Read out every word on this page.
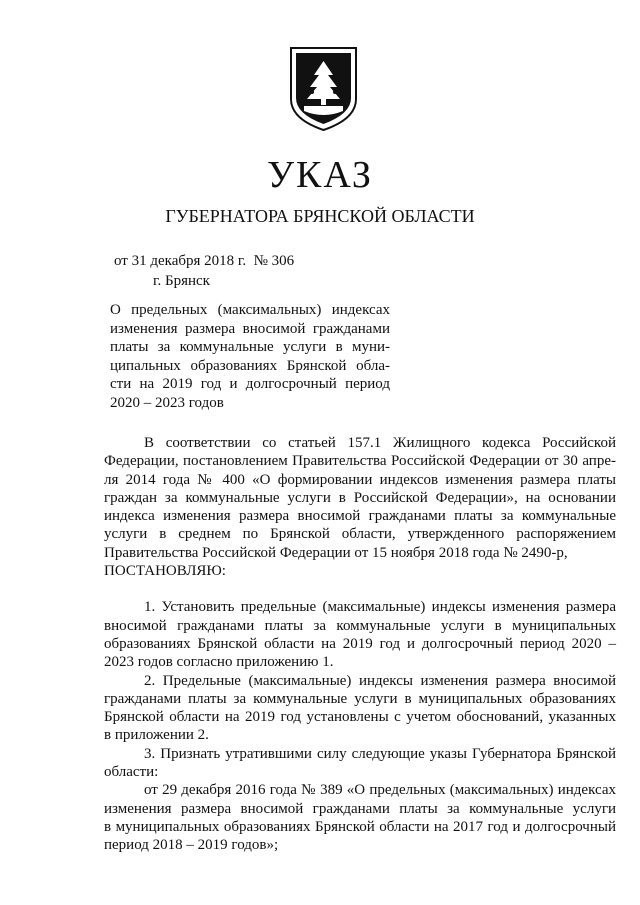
УКАЗ
ГУБЕРНАТОРА БРЯНСКОЙ ОБЛАСТИ
от 31 декабря 2018 г. № 306
г. Брянск
О предельных (максимальных) индексах
изменения размера вносимой гражданами
платы за коммунальные услуги в муни-
ципальных образованиях Брянской обла-
сти на 2019 год и долгосрочный период
2020 – 2023 годов
В соответствии со статьей 157.1 Жилищного кодекса Российской
Федерации, постановлением Правительства Российской Федерации от 30 апре-
ля 2014 года № 400 «О формировании индексов изменения размера платы
граждан за коммунальные услуги в Российской Федерации», на основании
индекса изменения размера вносимой гражданами платы за коммунальные
услуги в среднем по Брянской области, утвержденного распоряжением
Правительства Российской Федерации от 15 ноября 2018 года № 2490-р,
ПОСТАНОВЛЯЮ:
1. Установить предельные (максимальные) индексы изменения размера
вносимой гражданами платы за коммунальные услуги в муниципальных
образованиях Брянской области на 2019 год и долгосрочный период 2020 –
2023 годов согласно приложению 1.
2. Предельные (максимальные) индексы изменения размера вносимой
гражданами платы за коммунальные услуги в муниципальных образованиях
Брянской области на 2019 год установлены с учетом обоснований, указанных
в приложении 2.
3. Признать утратившими силу следующие указы Губернатора Брянской
области:
от 29 декабря 2016 года № 389 «О предельных (максимальных) индексах
изменения размера вносимой гражданами платы за коммунальные услуги
в муниципальных образованиях Брянской области на 2017 год и долгосрочный
период 2018 – 2019 годов»;
